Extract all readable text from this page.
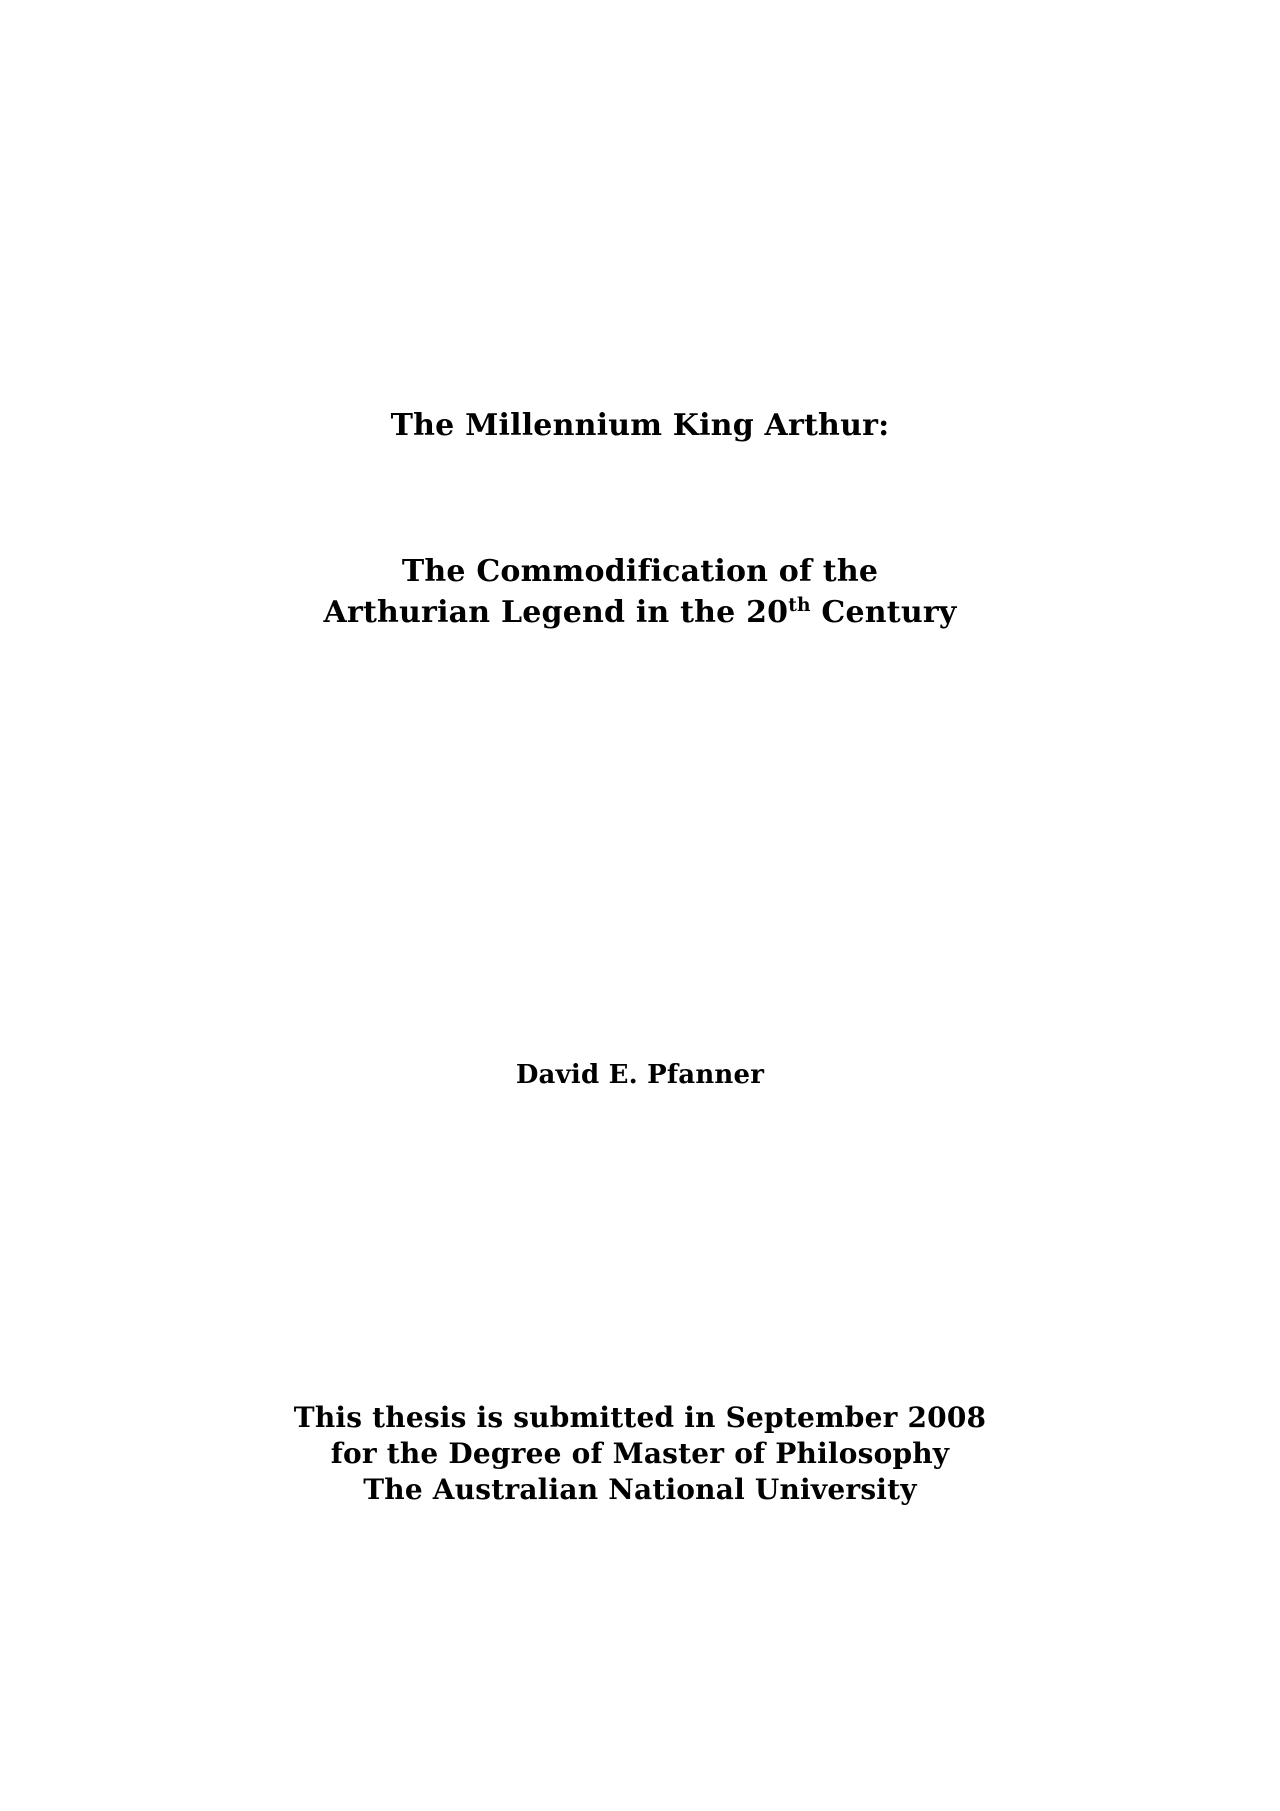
The Millennium King Arthur:
The Commodification of the
Arthurian Legend in the 20th Century
David E. Pfanner
This thesis is submitted in September 2008
for the Degree of Master of Philosophy
The Australian National University
